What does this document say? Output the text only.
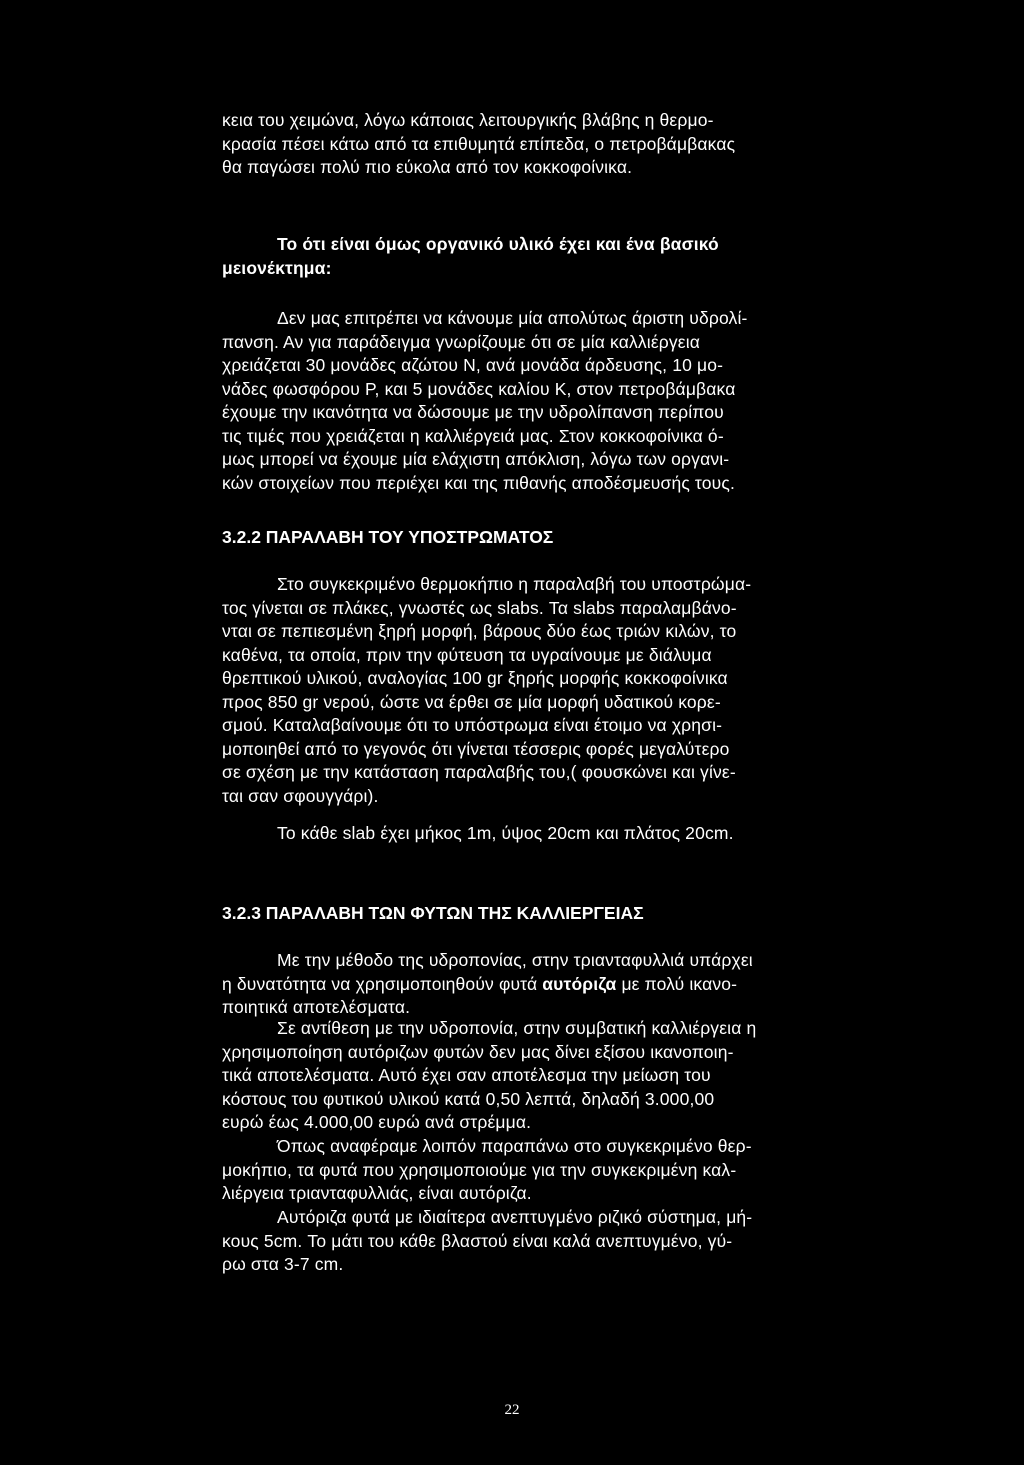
κεια του χειμώνα, λόγω κάποιας λειτουργικής βλάβης η θερμο-
κρασία πέσει κάτω από τα επιθυμητά επίπεδα, ο πετροβάμβακας
θα παγώσει πολύ πιο εύκολα από τον κοκκοφοίνικα.
Το ότι είναι όμως οργανικό υλικό έχει και ένα βασικό
μειονέκτημα:
Δεν μας επιτρέπει να κάνουμε μία απολύτως άριστη υδρολί-
πανση. Αν για παράδειγμα γνωρίζουμε ότι σε μία καλλιέργεια
χρειάζεται 30 μονάδες αζώτου Ν, ανά μονάδα άρδευσης, 10 μο-
νάδες φωσφόρου Ρ, και 5 μονάδες καλίου Κ, στον πετροβάμβακα
έχουμε την ικανότητα να δώσουμε με την υδρολίπανση περίπου
τις τιμές που χρειάζεται η καλλιέργειά μας. Στον κοκκοφοίνικα ό-
μως μπορεί να έχουμε μία ελάχιστη απόκλιση, λόγω των οργανι-
κών στοιχείων που περιέχει και της πιθανής αποδέσμευσής τους.
3.2.2 ΠΑΡΑΛΑΒΗ ΤΟΥ ΥΠΟΣΤΡΩΜΑΤΟΣ
Στο συγκεκριμένο θερμοκήπιο η παραλαβή του υποστρώμα-
τος γίνεται σε πλάκες, γνωστές ως slabs. Τα slabs παραλαμβάνο-
νται σε πεπιεσμένη ξηρή μορφή, βάρους δύο έως τριών κιλών, το
καθένα, τα οποία, πριν την φύτευση τα υγραίνουμε με διάλυμα
θρεπτικού υλικού, αναλογίας 100 gr ξηρής μορφής κοκκοφοίνικα
προς 850 gr νερού, ώστε να έρθει σε μία μορφή υδατικού κορε-
σμού. Καταλαβαίνουμε ότι το υπόστρωμα είναι έτοιμο να χρησι-
μοποιηθεί από το γεγονός ότι γίνεται τέσσερις φορές μεγαλύτερο
σε σχέση με την κατάσταση παραλαβής του,( φουσκώνει και γίνε-
ται σαν σφουγγάρι).
Το κάθε slab έχει μήκος 1m, ύψος 20cm και πλάτος 20cm.
3.2.3 ΠΑΡΑΛΑΒΗ ΤΩΝ ΦΥΤΩΝ ΤΗΣ ΚΑΛΛΙΕΡΓΕΙΑΣ
Με την μέθοδο της υδροπονίας, στην τριανταφυλλιά υπάρχει
η δυνατότητα να χρησιμοποιηθούν φυτά αυτόριζα με πολύ ικανο-
ποιητικά αποτελέσματα.
Σε αντίθεση με την υδροπονία, στην συμβατική καλλιέργεια η
χρησιμοποίηση αυτόριζων φυτών δεν μας δίνει εξίσου ικανοποιη-
τικά αποτελέσματα. Αυτό έχει σαν αποτέλεσμα την μείωση του
κόστους του φυτικού υλικού κατά 0,50 λεπτά, δηλαδή 3.000,00
ευρώ έως 4.000,00 ευρώ ανά στρέμμα.
Όπως αναφέραμε λοιπόν παραπάνω στο συγκεκριμένο θερ-
μοκήπιο, τα φυτά που χρησιμοποιούμε για την συγκεκριμένη καλ-
λιέργεια τριανταφυλλιάς, είναι αυτόριζα.
Αυτόριζα φυτά με ιδιαίτερα ανεπτυγμένο ριζικό σύστημα, μή-
κους 5cm. Το μάτι του κάθε βλαστού είναι καλά ανεπτυγμένο, γύ-
ρω στα 3-7 cm.
22
